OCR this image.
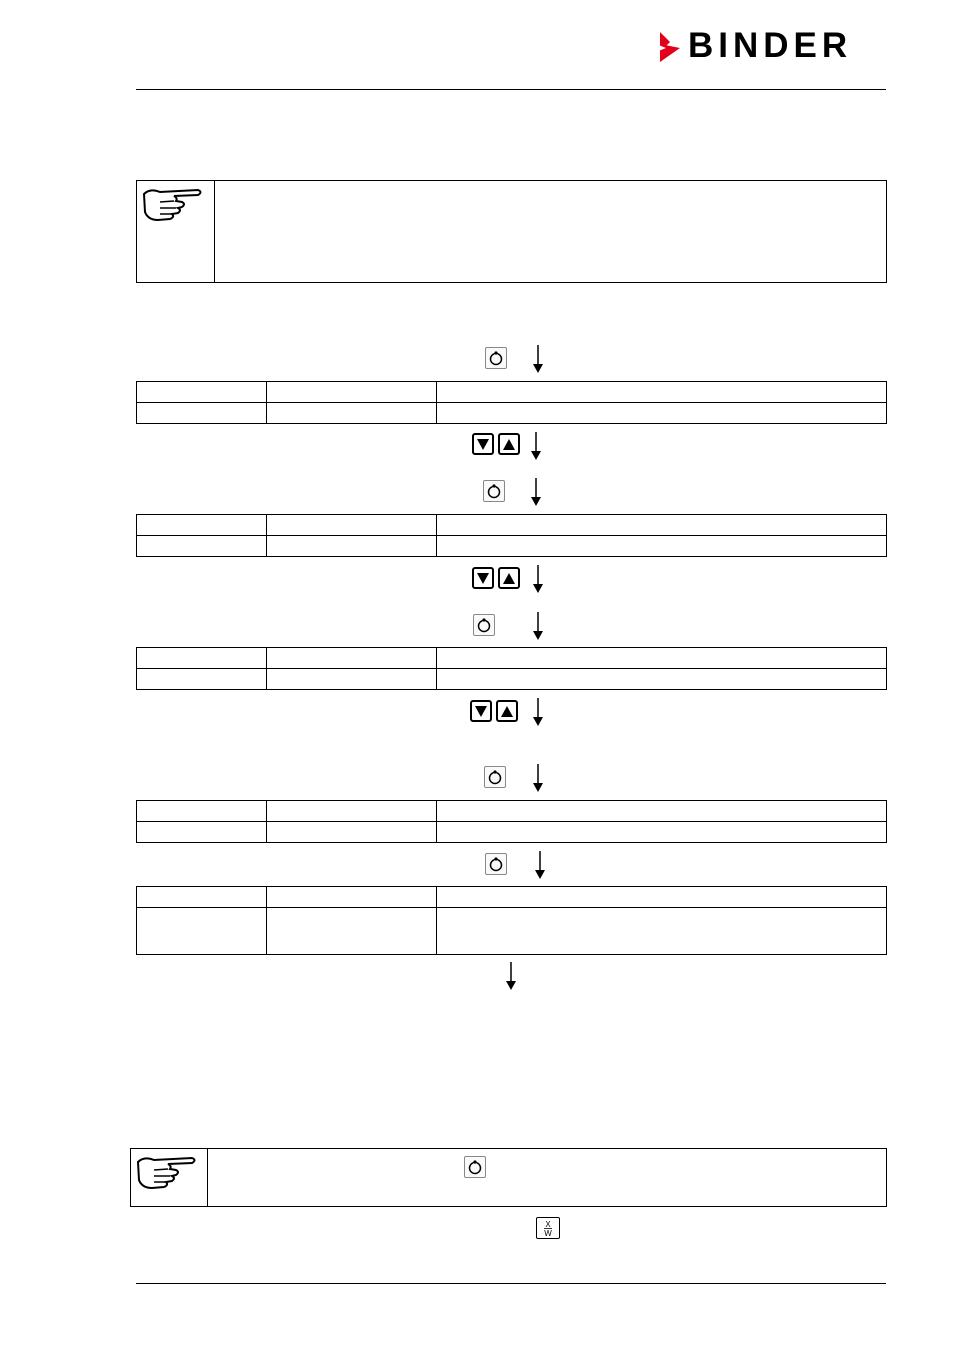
BINDER

X
W
